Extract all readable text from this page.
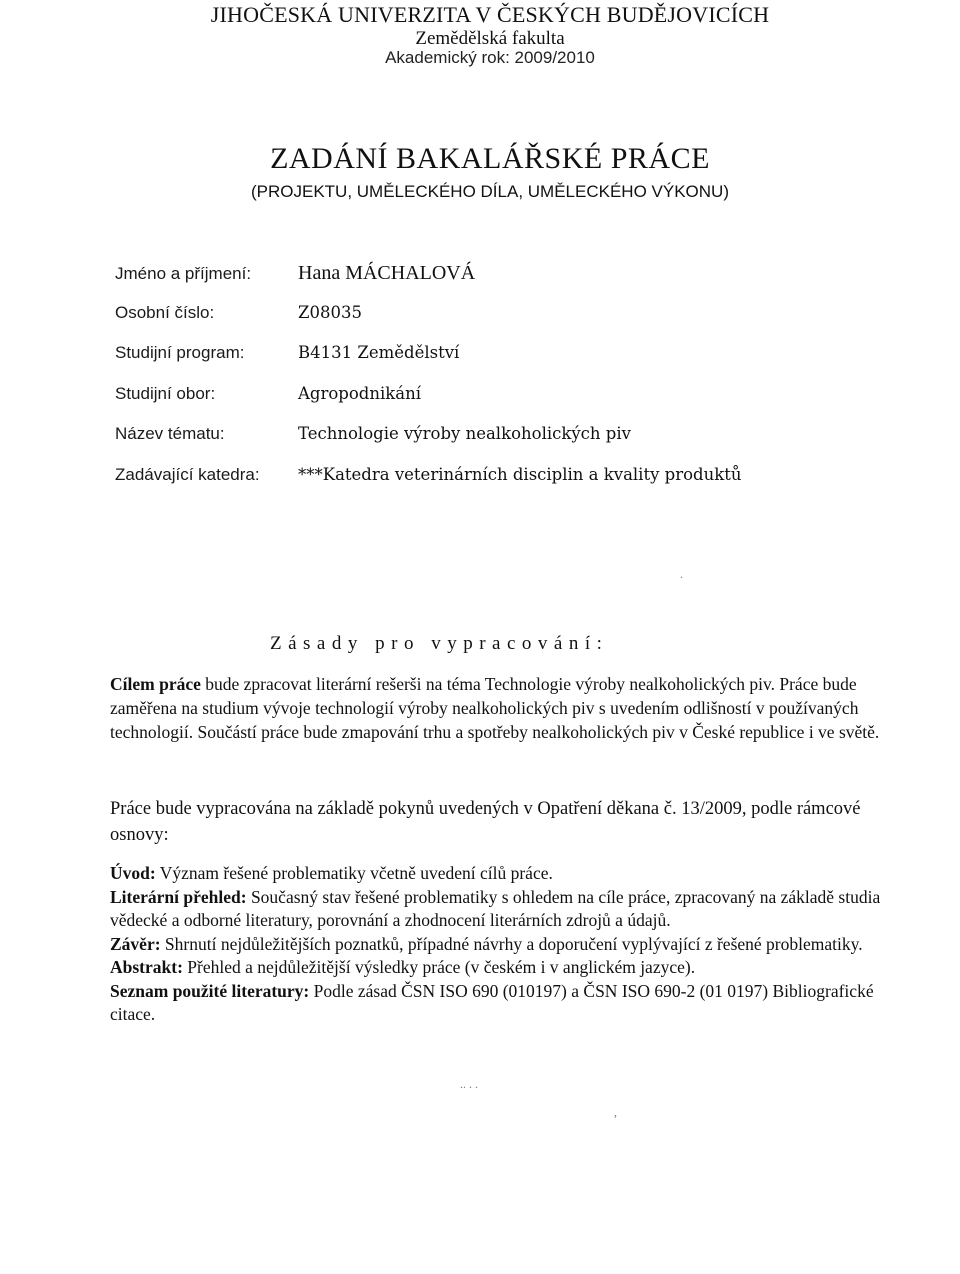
JIHOČESKÁ UNIVERZITA V ČESKÝCH BUDĚJOVICÍCH
Zemědělská fakulta
Akademický rok: 2009/2010
ZADÁNÍ BAKALÁŘSKÉ PRÁCE
(PROJEKTU, UMĚLECKÉHO DÍLA, UMĚLECKÉHO VÝKONU)
Jméno a příjmení:	Hana MÁCHALOVÁ
Osobní číslo:	Z08035
Studijní program:	B4131 Zemědělství
Studijní obor:	Agropodnikání
Název tématu:	Technologie výroby nealkoholických piv
Zadávající katedra:	***Katedra veterinárních disciplin a kvality produktů
Zásady pro vypracování:
Cílem práce bude zpracovat literární rešerši na téma Technologie výroby nealkoholických piv. Práce bude zaměřena na studium vývoje technologií výroby nealkoholických piv s uvedením odlišností v používaných technologií. Součástí práce bude zmapování trhu a spotřeby nealkoholických piv v České republice i ve světě.
Práce bude vypracována na základě pokynů uvedených v Opatření děkana č. 13/2009, podle rámcové osnovy:
Úvod: Význam řešené problematiky včetně uvedení cílů práce.
Literární přehled: Současný stav řešené problematiky s ohledem na cíle práce, zpracovaný na základě studia vědecké a odborné literatury, porovnání a zhodnocení literárních zdrojů a údajů.
Závěr: Shrnutí nejdůležitějších poznatků, případné návrhy a doporučení vyplývající z řešené problematiky.
Abstrakt: Přehled a nejdůležitější výsledky práce (v českém i v anglickém jazyce).
Seznam použité literatury: Podle zásad ČSN ISO 690 (010197) a ČSN ISO 690-2 (01 0197) Bibliografické citace.
.. . .
,
.
